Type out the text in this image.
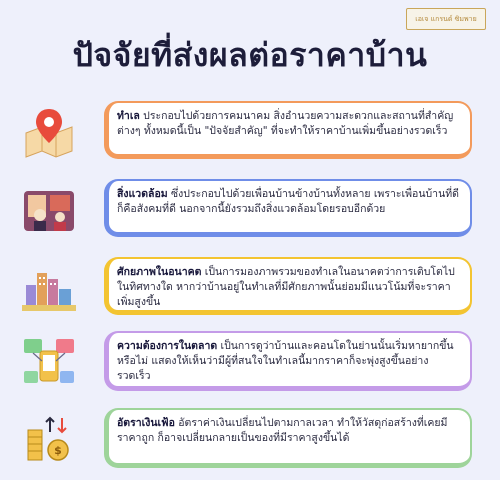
เอเจ แกรนด์ ซิมพาย
ปัจจัยที่ส่งผลต่อราคาบ้าน
ทำเล ประกอบไปด้วยการคมนาคม สิ่งอำนวยความสะดวกและสถานที่สำคัญต่างๆ ทั้งหมดนี้เป็น "ปัจจัยสำคัญ" ที่จะทำให้ราคาบ้านเพิ่มขึ้นอย่างรวดเร็ว
สิ่งแวดล้อม ซึ่งประกอบไปด้วยเพื่อนบ้านข้างบ้านทั้งหลาย เพราะเพื่อนบ้านที่ดีก็คือสังคมที่ดี นอกจากนี้ยังรวมถึงสิ่งแวดล้อมโดยรอบอีกด้วย
ศักยภาพในอนาคต เป็นการมองภาพรวมของทำเลในอนาคตว่าการเติบโตไปในทิศทางใด หากว่าบ้านอยู่ในทำเลที่มีศักยภาพนั้นย่อมมีแนวโน้มที่จะราคาเพิ่มสูงขึ้น
ความต้องการในตลาด เป็นการดูว่าบ้านและคอนโดในย่านนั้นเริ่มหายากขึ้นหรือไม่ แสดงให้เห็นว่ามีผู้ที่สนใจในทำเลนี้มากราคาก็จะพุ่งสูงขึ้นอย่างรวดเร็ว
$
อัตราเงินเฟ้อ อัตราค่าเงินเปลี่ยนไปตามกาลเวลา ทำให้วัสดุก่อสร้างที่เคยมีราคาถูก ก็อาจเปลี่ยนกลายเป็นของที่มีราคาสูงขึ้นได้
